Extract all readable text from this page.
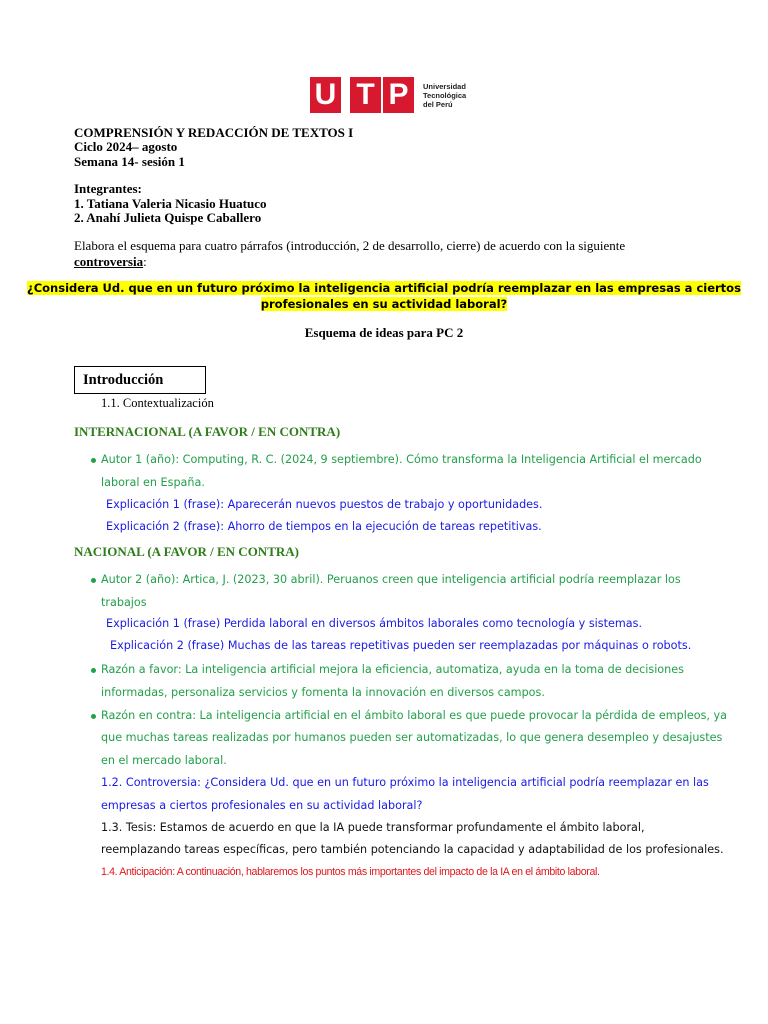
U T P	Universidad
Tecnológica
del Perú
COMPRENSIÓN Y REDACCIÓN DE TEXTOS I
Ciclo 2024– agosto
Semana 14- sesión 1
Integrantes:
1. Tatiana Valeria Nicasio Huatuco
2. Anahí Julieta Quispe Caballero
Elabora el esquema para cuatro párrafos (introducción, 2 de desarrollo, cierre) de acuerdo con la siguiente
controversia:
¿Considera Ud. que en un futuro próximo la inteligencia artificial podría reemplazar en las empresas a ciertos
profesionales en su actividad laboral?
Esquema de ideas para PC 2
Introducción
1.1. Contextualización
INTERNACIONAL (A FAVOR / EN CONTRA)
Autor 1 (año): Computing, R. C. (2024, 9 septiembre). Cómo transforma la Inteligencia Artificial el mercado
laboral en España.
Explicación 1 (frase): Aparecerán nuevos puestos de trabajo y oportunidades.
Explicación 2 (frase): Ahorro de tiempos en la ejecución de tareas repetitivas.
NACIONAL (A FAVOR / EN CONTRA)
Autor 2 (año): Artica, J. (2023, 30 abril). Peruanos creen que inteligencia artificial podría reemplazar los
trabajos
Explicación 1 (frase) Perdida laboral en diversos ámbitos laborales como tecnología y sistemas.
Explicación 2 (frase) Muchas de las tareas repetitivas pueden ser reemplazadas por máquinas o robots.
Razón a favor: La inteligencia artificial mejora la eficiencia, automatiza, ayuda en la toma de decisiones
informadas, personaliza servicios y fomenta la innovación en diversos campos.
Razón en contra: La inteligencia artificial en el ámbito laboral es que puede provocar la pérdida de empleos, ya
que muchas tareas realizadas por humanos pueden ser automatizadas, lo que genera desempleo y desajustes
en el mercado laboral.
1.2. Controversia: ¿Considera Ud. que en un futuro próximo la inteligencia artificial podría reemplazar en las
empresas a ciertos profesionales en su actividad laboral?
1.3. Tesis: Estamos de acuerdo en que la IA puede transformar profundamente el ámbito laboral,
reemplazando tareas específicas, pero también potenciando la capacidad y adaptabilidad de los profesionales.
1.4. Anticipación: A continuación, hablaremos los puntos más importantes del impacto de la IA en el ámbito laboral.
